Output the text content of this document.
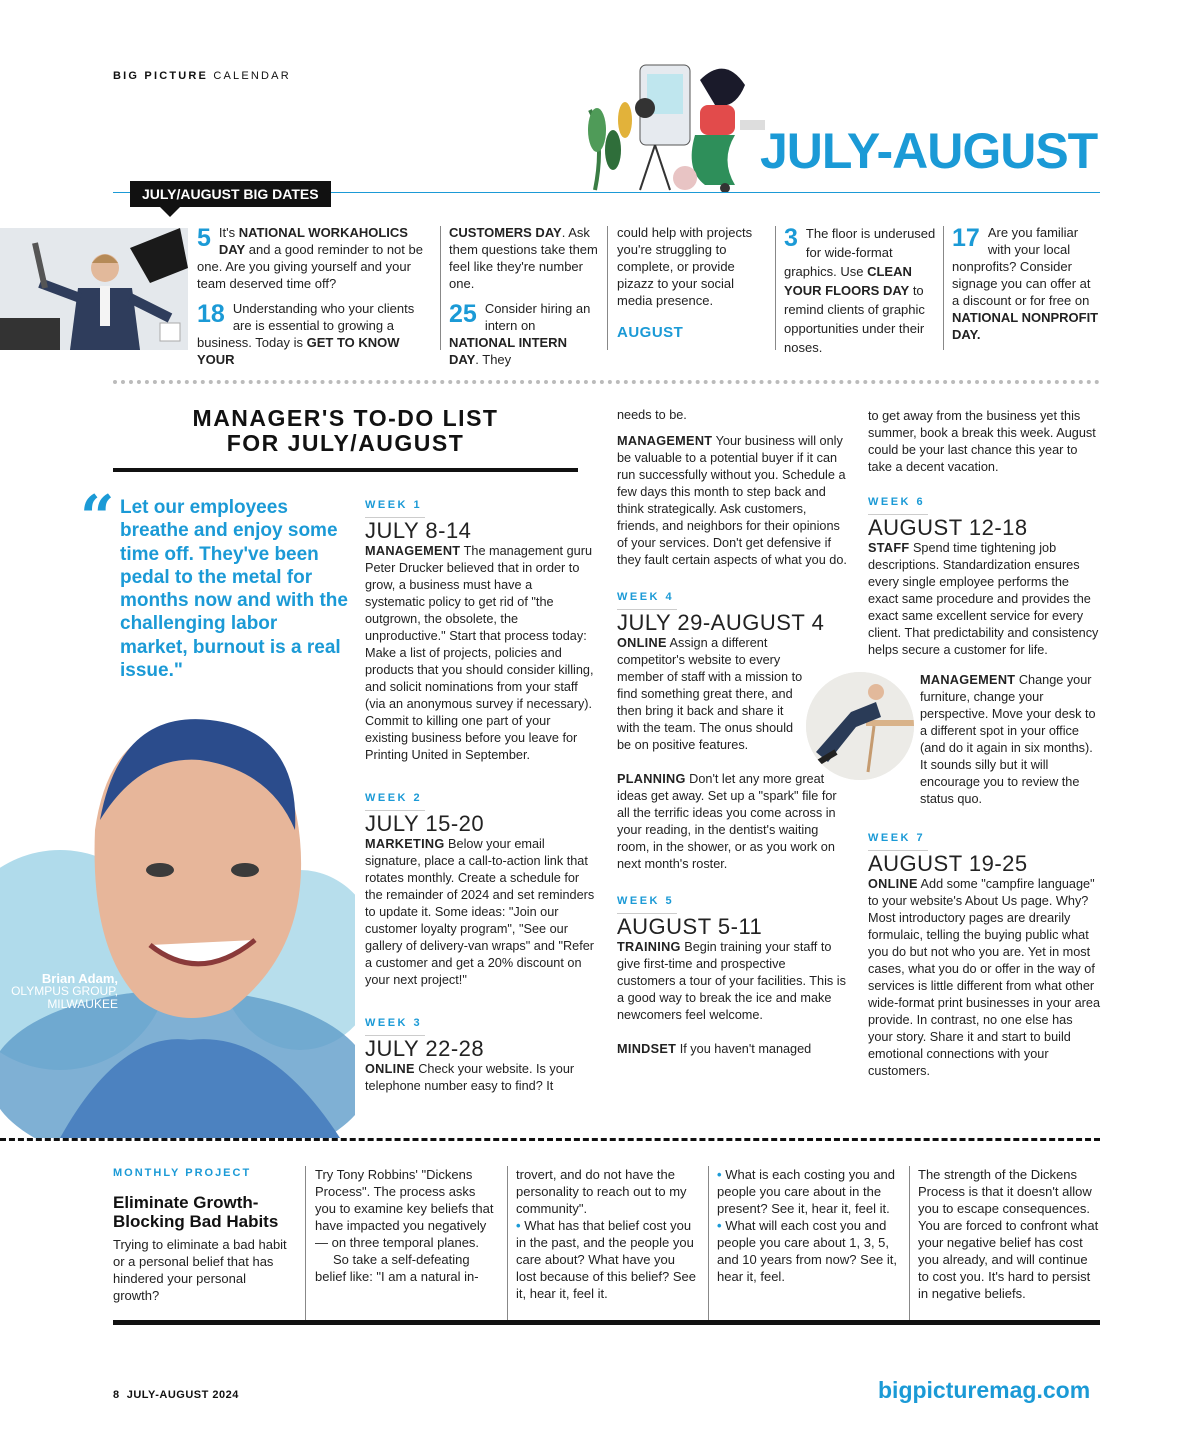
BIG PICTURE CALENDAR
JULY-AUGUST
JULY/AUGUST BIG DATES
5 It's NATIONAL WORKAHOLICS DAY and a good reminder to not be one. Are you giving yourself and your team deserved time off?
18 Understanding who your clients are is essential to growing a business. Today is GET TO KNOW YOUR
CUSTOMERS DAY. Ask them questions take them feel like they're number one.
25 Consider hiring an intern on NATIONAL INTERN DAY. They
could help with projects you're struggling to complete, or provide pizazz to your social media presence.
AUGUST
3 The floor is underused for wide-format graphics. Use CLEAN YOUR FLOORS DAY to remind clients of graphic opportunities under their noses.
17 Are you familiar with your local nonprofits? Consider signage you can offer at a discount or for free on NATIONAL NONPROFIT DAY.
MANAGER'S TO-DO LIST
FOR JULY/AUGUST
“ Let our employees breathe and enjoy some time off. They've been pedal to the metal for months now and with the challenging labor market, burnout is a real issue."
Brian Adam,
OLYMPUS GROUP,
MILWAUKEE
WEEK 1
JULY 8-14
MANAGEMENT The management guru Peter Drucker believed that in order to grow, a business must have a systematic policy to get rid of "the outgrown, the obsolete, the unproductive." Start that process today: Make a list of projects, policies and products that you should consider killing, and solicit nominations from your staff (via an anonymous survey if necessary). Commit to killing one part of your existing business before you leave for Printing United in September.
WEEK 2
JULY 15-20
MARKETING Below your email signature, place a call-to-action link that rotates monthly. Create a schedule for the remainder of 2024 and set reminders to update it. Some ideas: "Join our customer loyalty program", "See our gallery of delivery-van wraps" and "Refer a customer and get a 20% discount on your next project!"
WEEK 3
JULY 22-28
ONLINE Check your website. Is your telephone number easy to find? It
needs to be.
MANAGEMENT Your business will only be valuable to a potential buyer if it can run successfully without you. Schedule a few days this month to step back and think strategically. Ask customers, friends, and neighbors for their opinions of your services. Don't get defensive if they fault certain aspects of what you do.
WEEK 4
JULY 29-AUGUST 4
ONLINE Assign a different competitor's website to every member of staff with a mission to find something great there, and then bring it back and share it with the team. The onus should be on positive features.
PLANNING Don't let any more great ideas get away. Set up a "spark" file for all the terrific ideas you come across in your reading, in the dentist's waiting room, in the shower, or as you work on next month's roster.
WEEK 5
AUGUST 5-11
TRAINING Begin training your staff to give first-time and prospective customers a tour of your facilities. This is a good way to break the ice and make newcomers feel welcome.
MINDSET If you haven't managed
to get away from the business yet this summer, book a break this week. August could be your last chance this year to take a decent vacation.
WEEK 6
AUGUST 12-18
STAFF Spend time tightening job descriptions. Standardization ensures every single employee performs the exact same procedure and provides the exact same excellent service for every client. That predictability and consistency helps secure a customer for life.
MANAGEMENT Change your furniture, change your perspective. Move your desk to a different spot in your office (and do it again in six months). It sounds silly but it will encourage you to review the status quo.
WEEK 7
AUGUST 19-25
ONLINE Add some "campfire language" to your website's About Us page. Why? Most introductory pages are drearily formulaic, telling the buying public what you do but not who you are. Yet in most cases, what you do or offer in the way of services is little different from what other wide-format print businesses in your area provide. In contrast, no one else has your story. Share it and start to build emotional connections with your customers.
MONTHLY PROJECT
Eliminate Growth-Blocking Bad Habits
Trying to eliminate a bad habit or a personal belief that has hindered your personal growth?
Try Tony Robbins' "Dickens Process". The process asks you to examine key beliefs that have impacted you negatively — on three temporal planes.
So take a self-defeating belief like: "I am a natural in-
trovert, and do not have the personality to reach out to my community".
• What has that belief cost you in the past, and the people you care about? What have you lost because of this belief? See it, hear it, feel it.
• What is each costing you and people you care about in the present? See it, hear it, feel it.
• What will each cost you and people you care about 1, 3, 5, and 10 years from now? See it, hear it, feel.
The strength of the Dickens Process is that it doesn't allow you to escape consequences. You are forced to confront what your negative belief has cost you already, and will continue to cost you. It's hard to persist in negative beliefs.
8  JULY-AUGUST 2024	bigpicturemag.com
